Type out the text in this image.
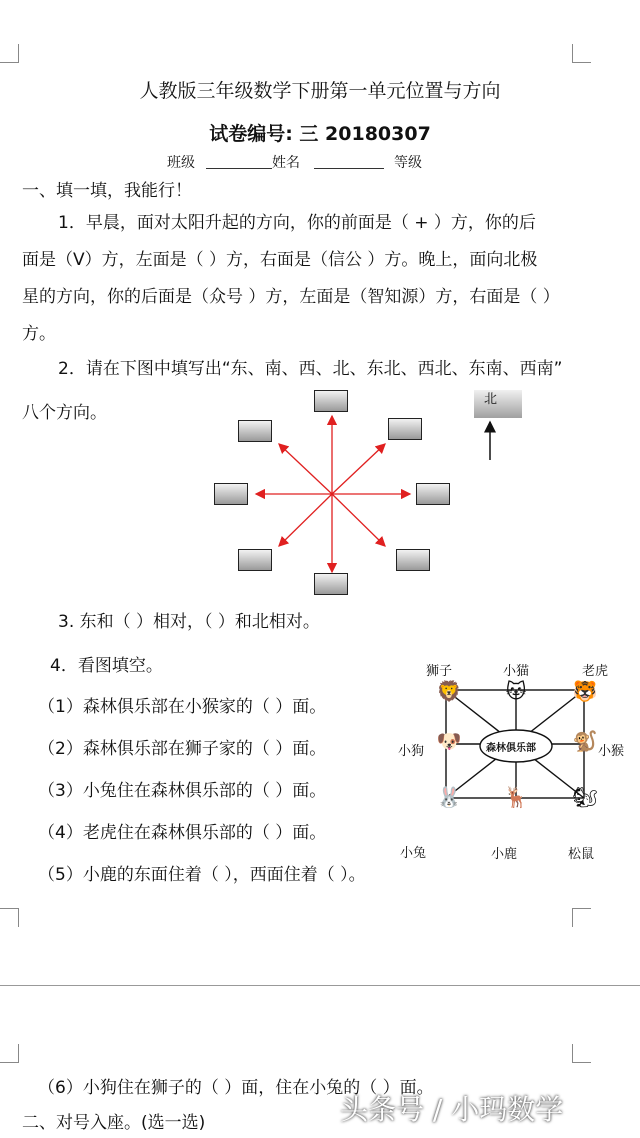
人教版三年级数学下册第一单元位置与方向
试卷编号: 三 20180307
班级	姓名	等级
一、填一填，我能行！
1．早晨，面对太阳升起的方向，你的前面是（ + ）方，你的后
面是（V）方，左面是（ ）方，右面是（信公 ）方。晚上，面向北极
星的方向，你的后面是（众号 ）方，左面是（智知源）方，右面是（ ）
方。
2．请在下图中填写出“东、南、西、北、东北、西北、东南、西南”
八个方向。
北
3. 东和（ ）相对，（ ）和北相对。
4．看图填空。
（1）森林俱乐部在小猴家的（ ）面。
（2）森林俱乐部在狮子家的（ ）面。
（3）小兔住在森林俱乐部的（ ）面。
（4）老虎住在森林俱乐部的（ ）面。
（5）小鹿的东面住着（ ），西面住着（ ）。
森林俱乐部
🦁 🐱 🐯
🐶	🐒
🐰 🦌 🐿
狮子	小猫	老虎
小狗	小猴
小兔	小鹿	松鼠
（6）小狗住在狮子的（ ）面，住在小兔的（ ）面。
二、对号入座。(选一选)	头条号 / 小玛数学
